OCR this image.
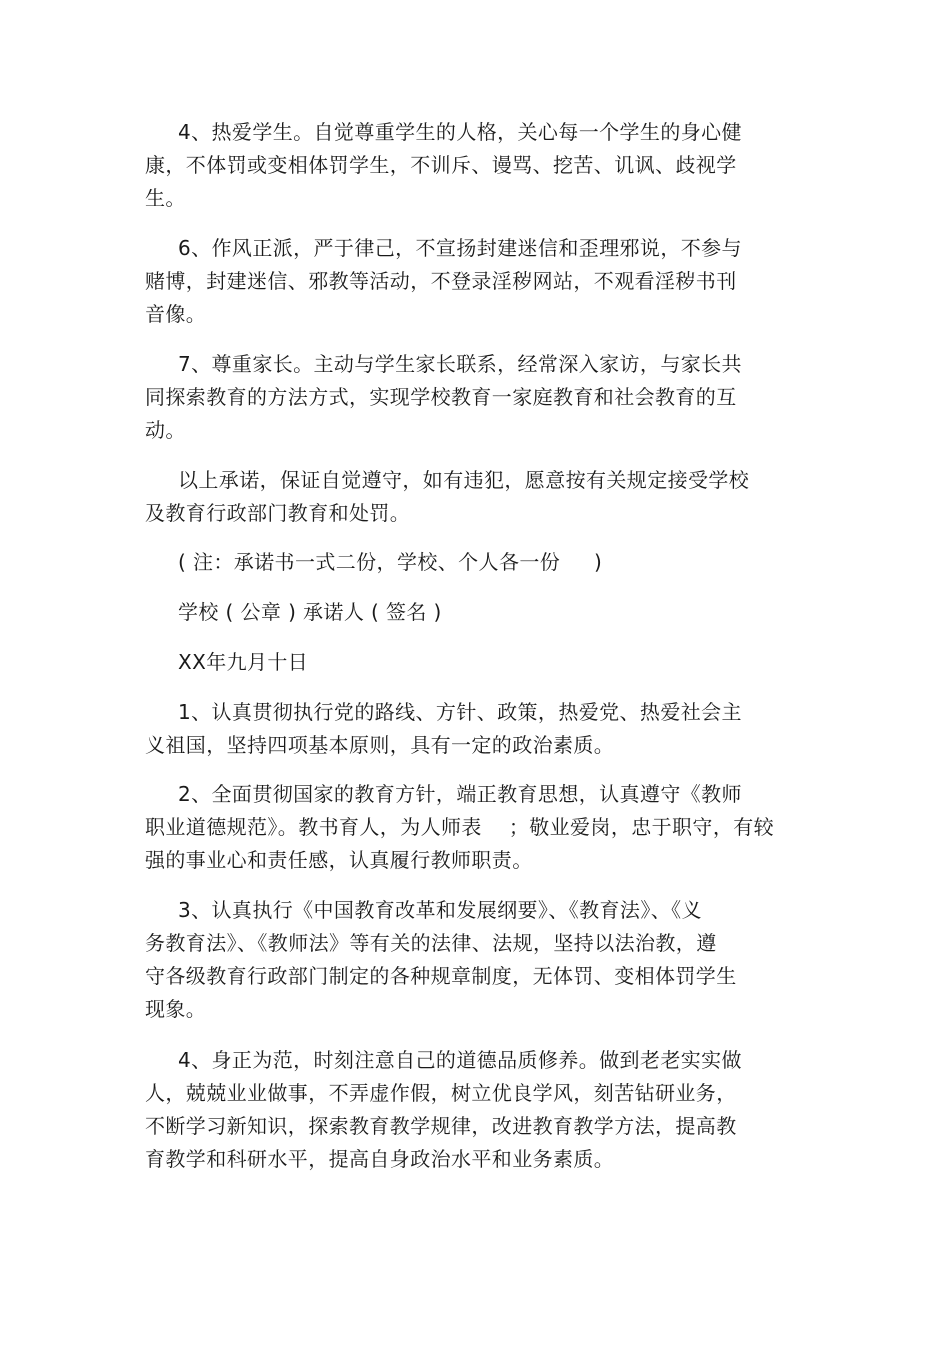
4、热爱学生。自觉尊重学生的人格，关心每一个学生的身心健
康，不体罚或变相体罚学生，不训斥、谩骂、挖苦、讥讽、歧视学
生。
6、作风正派，严于律己，不宣扬封建迷信和歪理邪说，不参与
赌博，封建迷信、邪教等活动，不登录淫秽网站，不观看淫秽书刊
音像。
7、尊重家长。主动与学生家长联系，经常深入家访，与家长共
同探索教育的方法方式，实现学校教育一家庭教育和社会教育的互
动。
以上承诺，保证自觉遵守，如有违犯，愿意按有关规定接受学校
及教育行政部门教育和处罚。
( 注：承诺书一式二份，学校、个人各一份     )
学校 ( 公章 ) 承诺人 ( 签名 )
XX年九月十日
1、认真贯彻执行党的路线、方针、政策，热爱党、热爱社会主
义祖国，坚持四项基本原则，具有一定的政治素质。
2、全面贯彻国家的教育方针，端正教育思想，认真遵守《教师
职业道德规范》。教书育人，为人师表    ；敬业爱岗，忠于职守，有较
强的事业心和责任感，认真履行教师职责。
3、认真执行《中国教育改革和发展纲要》、《教育法》、《义
务教育法》、《教师法》等有关的法律、法规，坚持以法治教，遵
守各级教育行政部门制定的各种规章制度，无体罚、变相体罚学生
现象。
4、身正为范，时刻注意自己的道德品质修养。做到老老实实做
人，兢兢业业做事，不弄虚作假，树立优良学风，刻苦钻研业务，
不断学习新知识，探索教育教学规律，改进教育教学方法，提高教
育教学和科研水平，提高自身政治水平和业务素质。
